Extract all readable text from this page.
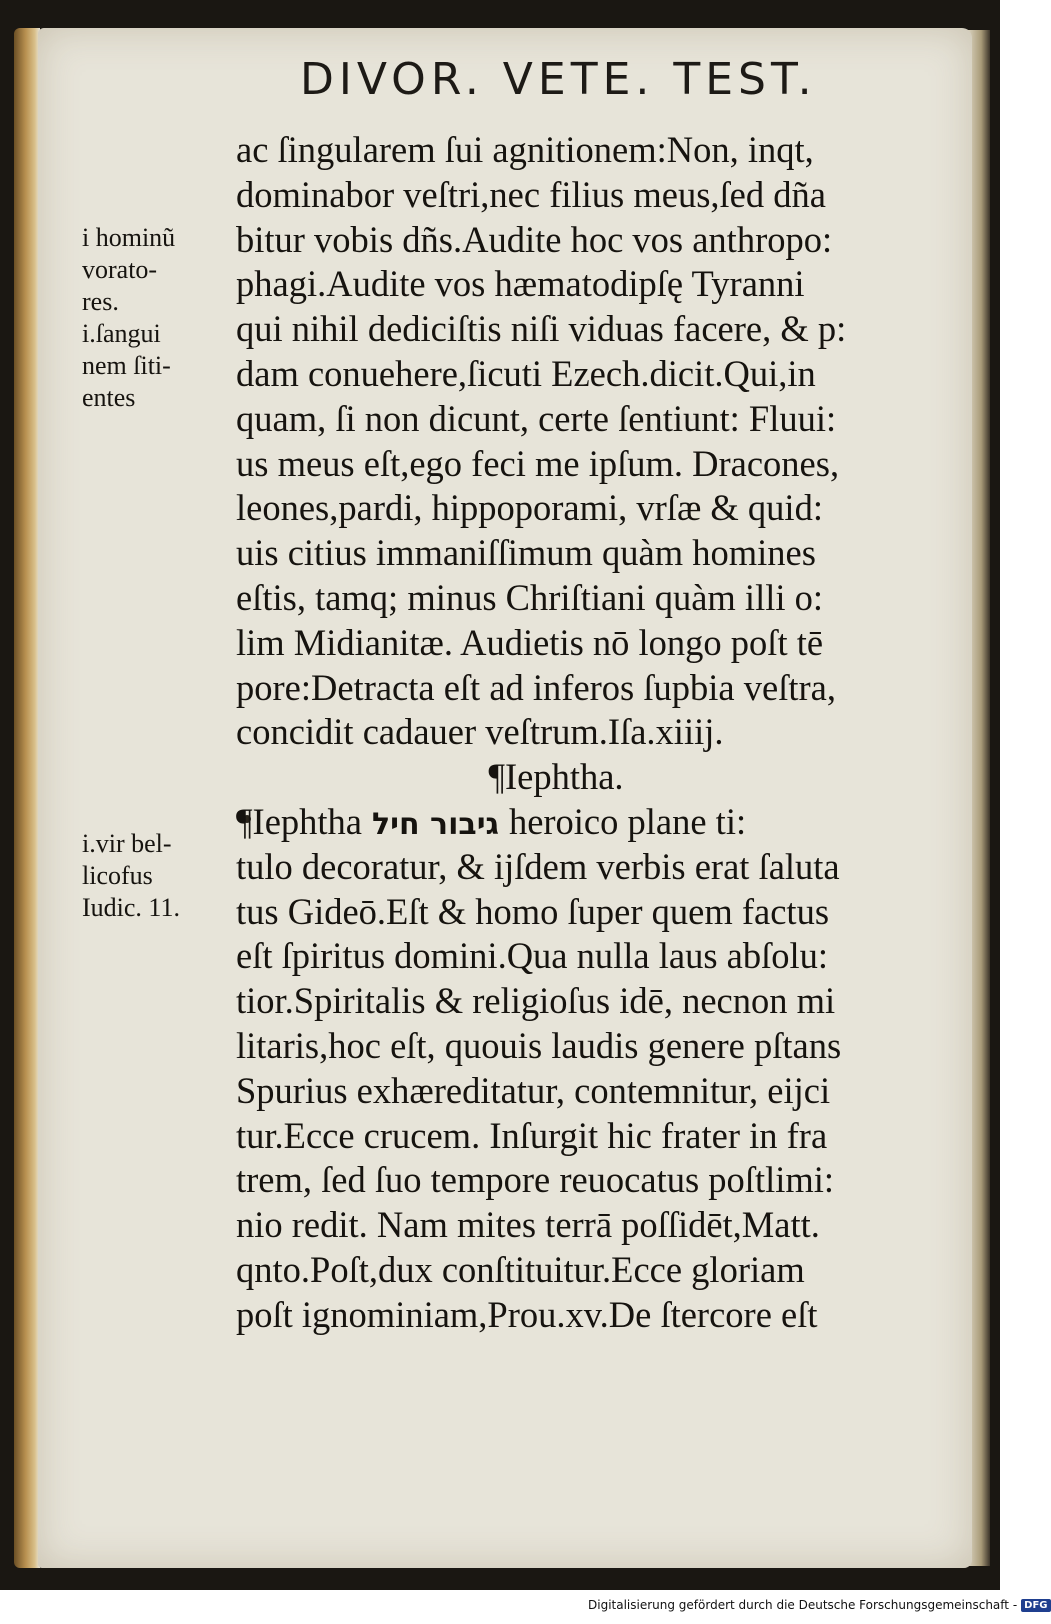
DIVOR. VETE. TEST.
i hominũ
vorato-
res.
i.ſangui
nem ſiti-
entes
i.vir bel-
licofus
Iudic. 11.
ac ſingularem ſui agnitionem:Non, inqt,
dominabor veſtri,nec filius meus,ſed dña
bitur vobis dñs.Audite hoc vos anthropo:
phagi.Audite vos hæmatodipſę Tyranni
qui nihil dediciſtis niſi viduas facere, & p:
dam conuehere,ſicuti Ezech.dicit.Qui,in
quam, ſi non dicunt, certe ſentiunt: Fluui:
us meus eſt,ego feci me ipſum. Dracones,
leones,pardi, hippoporami, vrſæ & quid:
uis citius immaniſſimum quàm homines
eſtis, tamq; minus Chriſtiani quàm illi o:
lim Midianitæ. Audietis nō longo poſt tē
pore:Detracta eſt ad inferos ſupbia veſtra,
concidit cadauer veſtrum.Iſa.xiiij.
¶Iephtha.
¶Iephtha גיבור חיל heroico plane ti:
tulo decoratur, & ijſdem verbis erat ſaluta
tus Gideō.Eſt & homo ſuper quem factus
eſt ſpiritus domini.Qua nulla laus abſolu:
tior.Spiritalis & religioſus idē, necnon mi
litaris,hoc eſt, quouis laudis genere pſtans
Spurius exhæreditatur, contemnitur, eijci
tur.Ecce crucem. Inſurgit hic frater in fra
trem, ſed ſuo tempore reuocatus poſtlimi:
nio redit. Nam mites terrā poſſidēt,Matt.
qnto.Poſt,dux conſtituitur.Ecce gloriam
poſt ignominiam,Prou.xv.De ſtercore eſt
Digitalisierung gefördert durch die Deutsche Forschungsgemeinschaft - DFG
